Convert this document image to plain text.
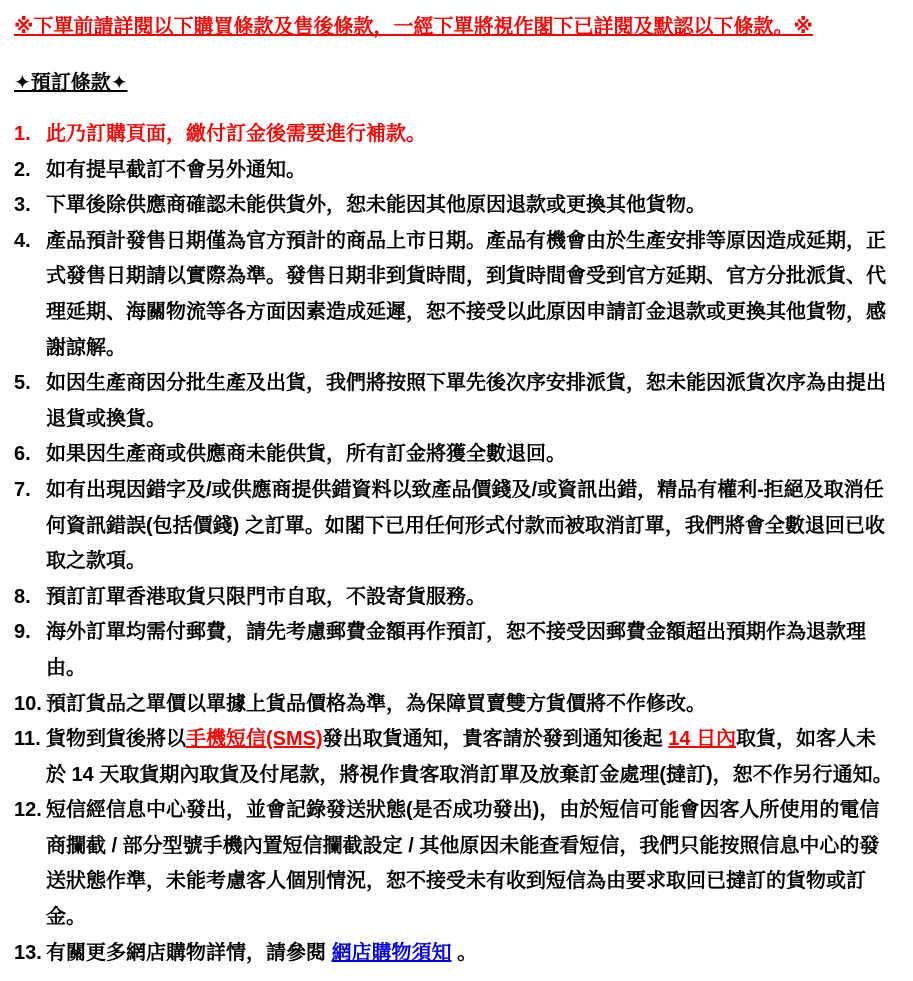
※下單前請詳閱以下購買條款及售後條款，一經下單將視作閣下已詳閱及默認以下條款。※
✦預訂條款✦
1. 此乃訂購頁面，繳付訂金後需要進行補款。
2. 如有提早截訂不會另外通知。
3. 下單後除供應商確認未能供貨外，恕未能因其他原因退款或更換其他貨物。
4. 產品預計發售日期僅為官方預計的商品上市日期。產品有機會由於生產安排等原因造成延期，正式發售日期請以實際為準。發售日期非到貨時間，到貨時間會受到官方延期、官方分批派貨、代理延期、海關物流等各方面因素造成延遲，恕不接受以此原因申請訂金退款或更換其他貨物，感謝諒解。
5. 如因生產商因分批生產及出貨，我們將按照下單先後次序安排派貨，恕未能因派貨次序為由提出退貨或換貨。
6. 如果因生產商或供應商未能供貨，所有訂金將獲全數退回。
7. 如有出現因錯字及/或供應商提供錯資料以致產品價錢及/或資訊出錯，精品有權利-拒絕及取消任何資訊錯誤(包括價錢) 之訂單。如閣下已用任何形式付款而被取消訂單，我們將會全數退回已收取之款項。
8. 預訂訂單香港取貨只限門市自取，不設寄貨服務。
9. 海外訂單均需付郵費，請先考慮郵費金額再作預訂，恕不接受因郵費金額超出預期作為退款理由。
10. 預訂貨品之單價以單據上貨品價格為準，為保障買賣雙方貨價將不作修改。
11. 貨物到貨後將以手機短信(SMS)發出取貨通知，貴客請於發到通知後起 14 日內取貨，如客人未於 14 天取貨期內取貨及付尾款，將視作貴客取消訂單及放棄訂金處理(撻訂)，恕不作另行通知。
12. 短信經信息中心發出，並會記錄發送狀態(是否成功發出)，由於短信可能會因客人所使用的電信商攔截 / 部分型號手機內置短信攔截設定 / 其他原因未能查看短信，我們只能按照信息中心的發送狀態作準，未能考慮客人個別情況，恕不接受未有收到短信為由要求取回已撻訂的貨物或訂金。
13. 有關更多網店購物詳情，請參閱 網店購物須知 。
